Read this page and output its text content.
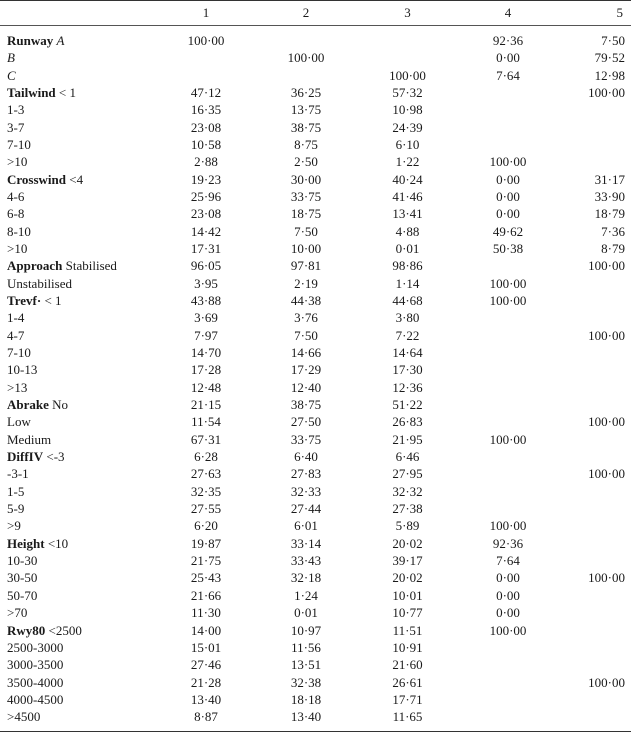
	1	2	3	4	5
Runway A	100·00			92·36	7·50
B		100·00		0·00	79·52
C			100·00	7·64	12·98
Tailwind < 1	47·12	36·25	57·32		100·00
1-3	16·35	13·75	10·98		
3-7	23·08	38·75	24·39		
7-10	10·58	8·75	6·10		
>10	2·88	2·50	1·22	100·00	
Crosswind <4	19·23	30·00	40·24	0·00	31·17
4-6	25·96	33·75	41·46	0·00	33·90
6-8	23·08	18·75	13·41	0·00	18·79
8-10	14·42	7·50	4·88	49·62	7·36
>10	17·31	10·00	0·01	50·38	8·79
Approach Stabilised	96·05	97·81	98·86		100·00
Unstabilised	3·95	2·19	1·14	100·00	
Trevf· < 1	43·88	44·38	44·68	100·00	
1-4	3·69	3·76	3·80		
4-7	7·97	7·50	7·22		100·00
7-10	14·70	14·66	14·64		
10-13	17·28	17·29	17·30		
>13	12·48	12·40	12·36		
Abrake No	21·15	38·75	51·22		
Low	11·54	27·50	26·83		100·00
Medium	67·31	33·75	21·95	100·00	
DiffIV <-3	6·28	6·40	6·46		
-3-1	27·63	27·83	27·95		100·00
1-5	32·35	32·33	32·32		
5-9	27·55	27·44	27·38		
>9	6·20	6·01	5·89	100·00	
Height <10	19·87	33·14	20·02	92·36	
10-30	21·75	33·43	39·17	7·64	
30-50	25·43	32·18	20·02	0·00	100·00
50-70	21·66	1·24	10·01	0·00	
>70	11·30	0·01	10·77	0·00	
Rwy80 <2500	14·00	10·97	11·51	100·00	
2500-3000	15·01	11·56	10·91		
3000-3500	27·46	13·51	21·60		
3500-4000	21·28	32·38	26·61		100·00
4000-4500	13·40	18·18	17·71		
>4500	8·87	13·40	11·65		
